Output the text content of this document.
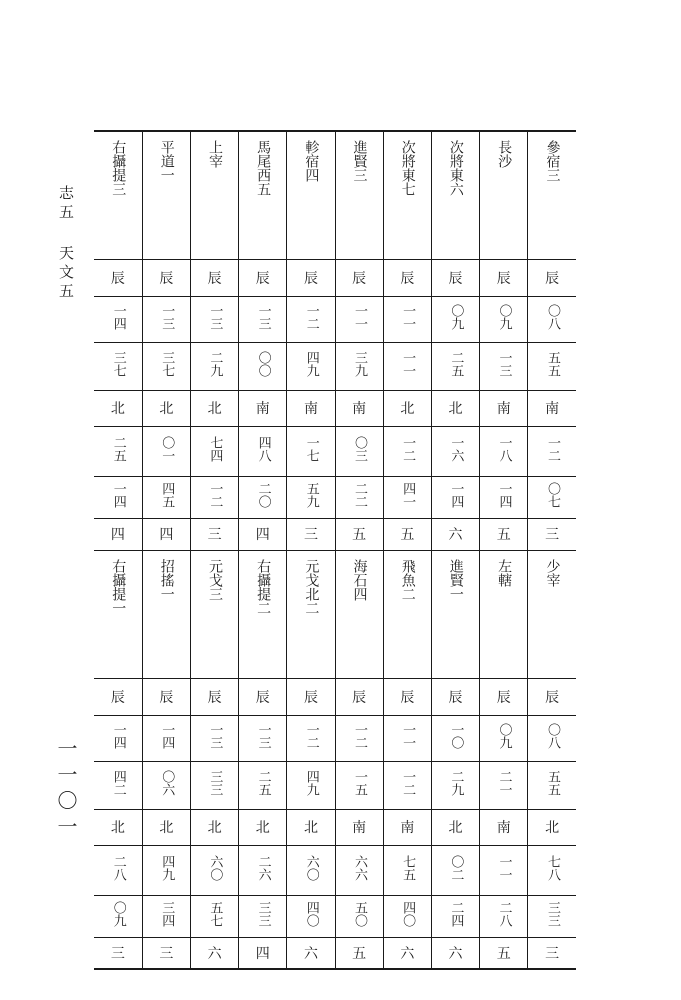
志五 天文五
一一〇一
參宿三	長沙	次將東六	次將東七	進賢三	軫宿四	馬尾西五	上宰	平道一	右攝提三
辰	辰	辰	辰	辰	辰	辰	辰	辰	辰
〇八	〇九	〇九	一一	一一	一二	一三	一三	一三	一四
五五	一三	二五	一一	三九	四九	〇〇	二九	三七	三七
南	南	北	北	南	南	南	北	北	北
一二	一八	一六	一二	〇三	一七	四八	七四	〇一	二五
〇七	一四	一四	四一	二二	五九	二〇	一二	四五	一四
三	五	六	五	五	三	四	三	四	四
少宰	左轄	進賢一	飛魚二	海石四	元戈北二	右攝提二	元戈三	招搖一	右攝提一
辰	辰	辰	辰	辰	辰	辰	辰	辰	辰
〇八	〇九	一〇	一一	一二	一二	一三	一三	一四	一四
五五	二一	二九	一二	一五	四九	二五	三三	〇六	四二
北	南	北	南	南	北	北	北	北	北
七八	一一	〇二	七五	六六	六〇	二六	六〇	四九	二八
三三	二八	二四	四〇	五〇	四〇	三三	五七	三四	〇九
三	五	六	六	五	六	四	六	三	三
